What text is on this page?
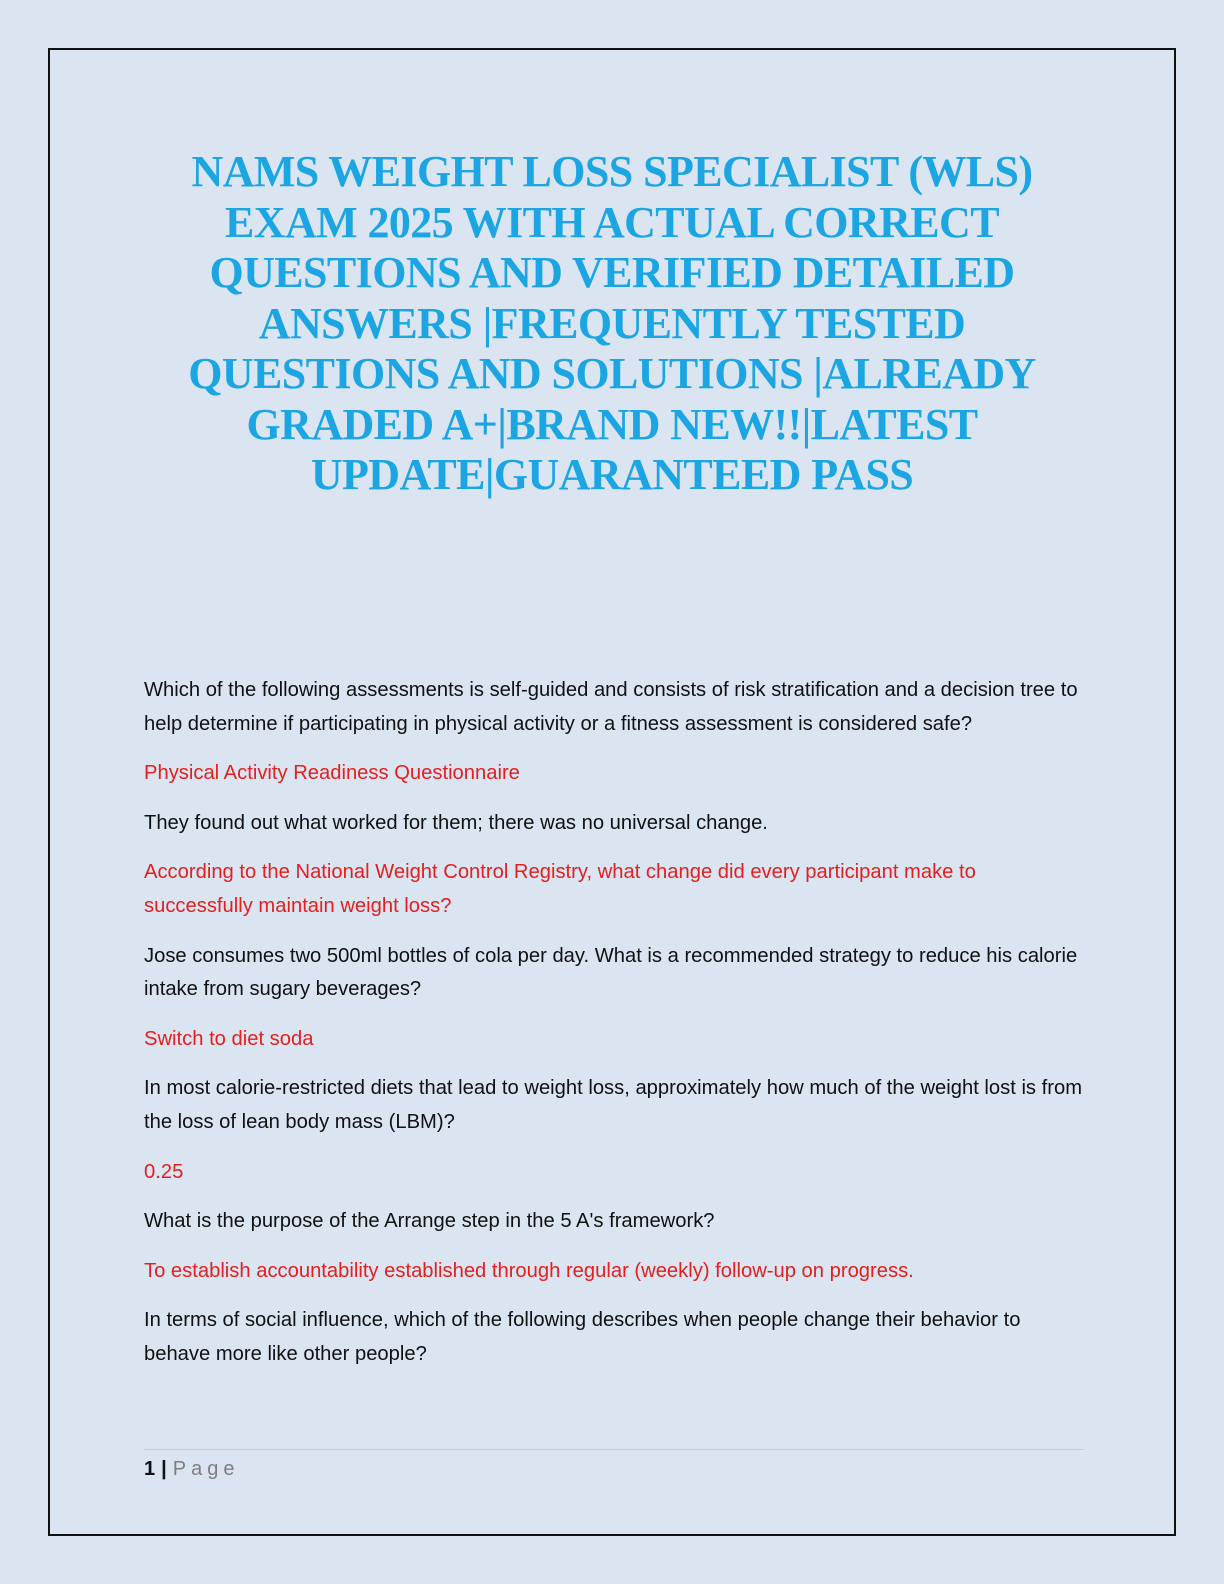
NAMS WEIGHT LOSS SPECIALIST (WLS)
EXAM 2025 WITH ACTUAL CORRECT
QUESTIONS AND VERIFIED DETAILED
ANSWERS |FREQUENTLY TESTED
QUESTIONS AND SOLUTIONS |ALREADY
GRADED A+|BRAND NEW!!|LATEST
UPDATE|GUARANTEED PASS

Which of the following assessments is self-guided and consists of risk stratification and a decision tree to help determine if participating in physical activity or a fitness assessment is considered safe?

Physical Activity Readiness Questionnaire

They found out what worked for them; there was no universal change.

According to the National Weight Control Registry, what change did every participant make to successfully maintain weight loss?

Jose consumes two 500ml bottles of cola per day. What is a recommended strategy to reduce his calorie intake from sugary beverages?

Switch to diet soda

In most calorie-restricted diets that lead to weight loss, approximately how much of the weight lost is from the loss of lean body mass (LBM)?

0.25

What is the purpose of the Arrange step in the 5 A's framework?

To establish accountability established through regular (weekly) follow-up on progress.

In terms of social influence, which of the following describes when people change their behavior to behave more like other people?

1 | Page
